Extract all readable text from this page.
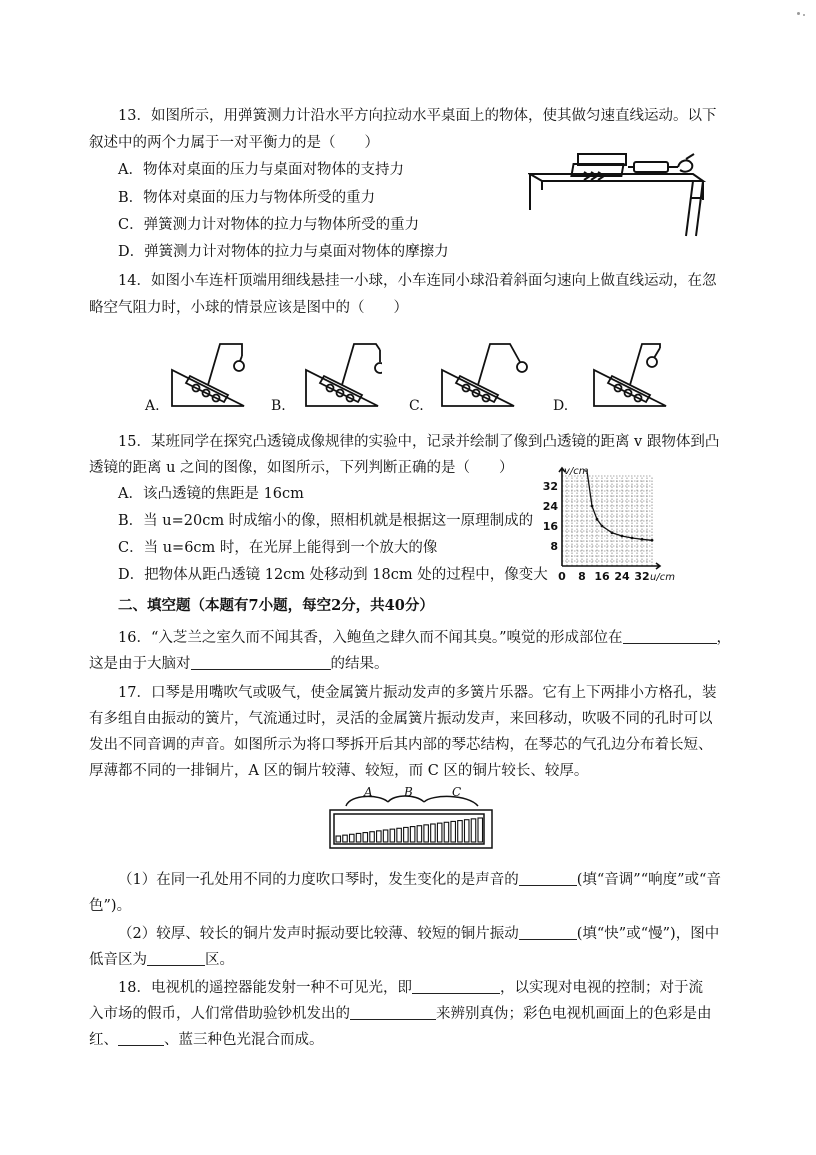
13．如图所示，用弹簧测力计沿水平方向拉动水平桌面上的物体，使其做匀速直线运动。以下
叙述中的两个力属于一对平衡力的是（　　）
A．物体对桌面的压力与桌面对物体的支持力
B．物体对桌面的压力与物体所受的重力
C．弹簧测力计对物体的拉力与物体所受的重力
D．弹簧测力计对物体的拉力与桌面对物体的摩擦力
14．如图小车连杆顶端用细线悬挂一小球，小车连同小球沿着斜面匀速向上做直线运动，在忽
略空气阻力时，小球的情景应该是图中的（　　）
A.	B.	C.	D.
15．某班同学在探究凸透镜成像规律的实验中，记录并绘制了像到凸透镜的距离 v 跟物体到凸
透镜的距离 u 之间的图像，如图所示，下列判断正确的是（　　）
A．该凸透镜的焦距是 16cm
B．当 u=20cm 时成缩小的像，照相机就是根据这一原理制成的
C．当 u=6cm 时，在光屏上能得到一个放大的像
D．把物体从距凸透镜 12cm 处移动到 18cm 处的过程中，像变大 0 8 16 24 32
8
16
24
32
u/cm
v/cm
二、填空题（本题有7小题，每空2分，共40分）
16．“入芝兰之室久而不闻其香，入鲍鱼之肆久而不闻其臭。”嗅觉的形成部位在	，
这是由于大脑对	的结果。
17．口琴是用嘴吹气或吸气，使金属簧片振动发声的多簧片乐器。它有上下两排小方格孔，装
有多组自由振动的簧片，气流通过时，灵活的金属簧片振动发声，来回移动，吹吸不同的孔时可以
发出不同音调的声音。如图所示为将口琴拆开后其内部的琴芯结构，在琴芯的气孔边分布着长短、
厚薄都不同的一排铜片，A 区的铜片较薄、较短，而 C 区的铜片较长、较厚。
A	B	C
（1）在同一孔处用不同的力度吹口琴时，发生变化的是声音的	(填“音调”“响度”或“音
色”)。
（2）较厚、较长的铜片发声时振动要比较薄、较短的铜片振动	(填“快”或“慢”)，图中
低音区为	区。
18．电视机的遥控器能发射一种不可见光，即	，以实现对电视的控制；对于流
入市场的假币，人们常借助验钞机发出的	来辨别真伪；彩色电视机画面上的色彩是由
红、	、蓝三种色光混合而成。
